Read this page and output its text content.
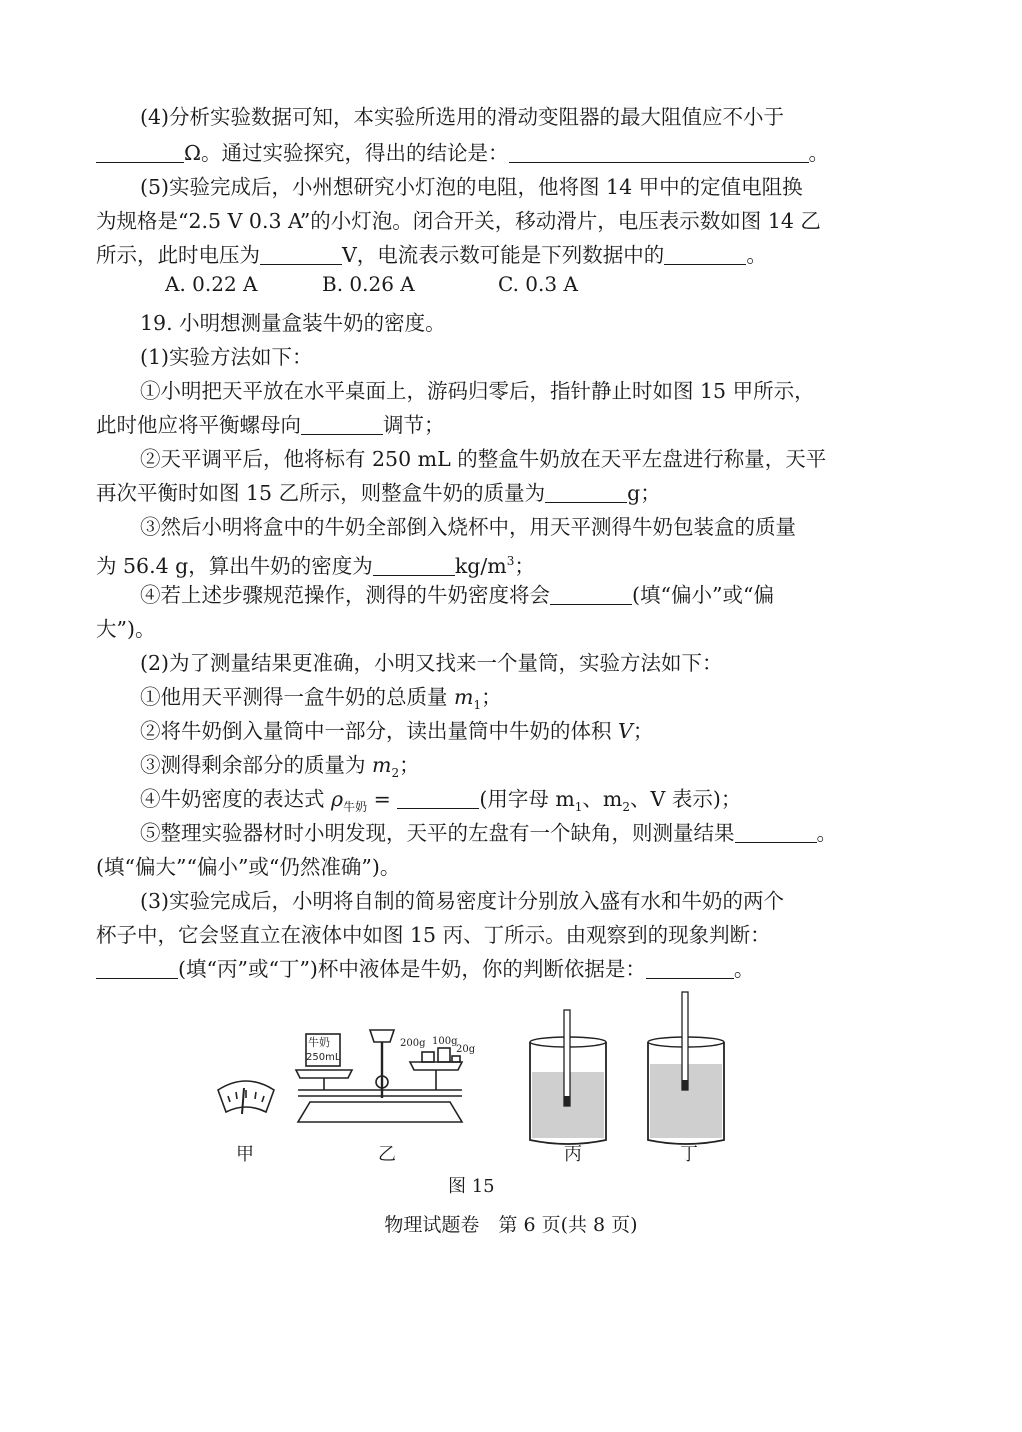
(4)分析实验数据可知，本实验所选用的滑动变阻器的最大阻值应不小于
Ω。通过实验探究，得出的结论是：	。
(5)实验完成后，小州想研究小灯泡的电阻，他将图 14 甲中的定值电阻换
为规格是“2.5 V 0.3 A”的小灯泡。闭合开关，移动滑片，电压表示数如图 14 乙
所示，此时电压为	V，电流表示数可能是下列数据中的	。
A. 0.22 A	B. 0.26 A	C. 0.3 A
19. 小明想测量盒装牛奶的密度。
(1)实验方法如下：
①小明把天平放在水平桌面上，游码归零后，指针静止时如图 15 甲所示，
此时他应将平衡螺母向	调节；
②天平调平后，他将标有 250 mL 的整盒牛奶放在天平左盘进行称量，天平
再次平衡时如图 15 乙所示，则整盒牛奶的质量为	g；
③然后小明将盒中的牛奶全部倒入烧杯中，用天平测得牛奶包装盒的质量
为 56.4 g，算出牛奶的密度为	$kg/m^3$；
④若上述步骤规范操作，测得的牛奶密度将会	(填“偏小”或“偏
大”)。
(2)为了测量结果更准确，小明又找来一个量筒，实验方法如下：
①他用天平测得一盒牛奶的总质量 $m_1$；
②将牛奶倒入量筒中一部分，读出量筒中牛奶的体积 V；
③测得剩余部分的质量为 $m_2$；
④牛奶密度的表达式 $\rho_{牛奶}$ =	(用字母 $m_1$、$m_2$、V 表示)；
⑤整理实验器材时小明发现，天平的左盘有一个缺角，则测量结果	。
(填“偏大”“偏小”或“仍然准确”)。
(3)实验完成后，小明将自制的简易密度计分别放入盛有水和牛奶的两个
杯子中，它会竖直立在液体中如图 15 丙、丁所示。由观察到的现象判断：
(填“丙”或“丁”)杯中液体是牛奶，你的判断依据是：	。
牛奶
250mL
200g 100g
20g
甲	乙	丙	丁
图 15
物理试题卷　第 6 页(共 8 页)
